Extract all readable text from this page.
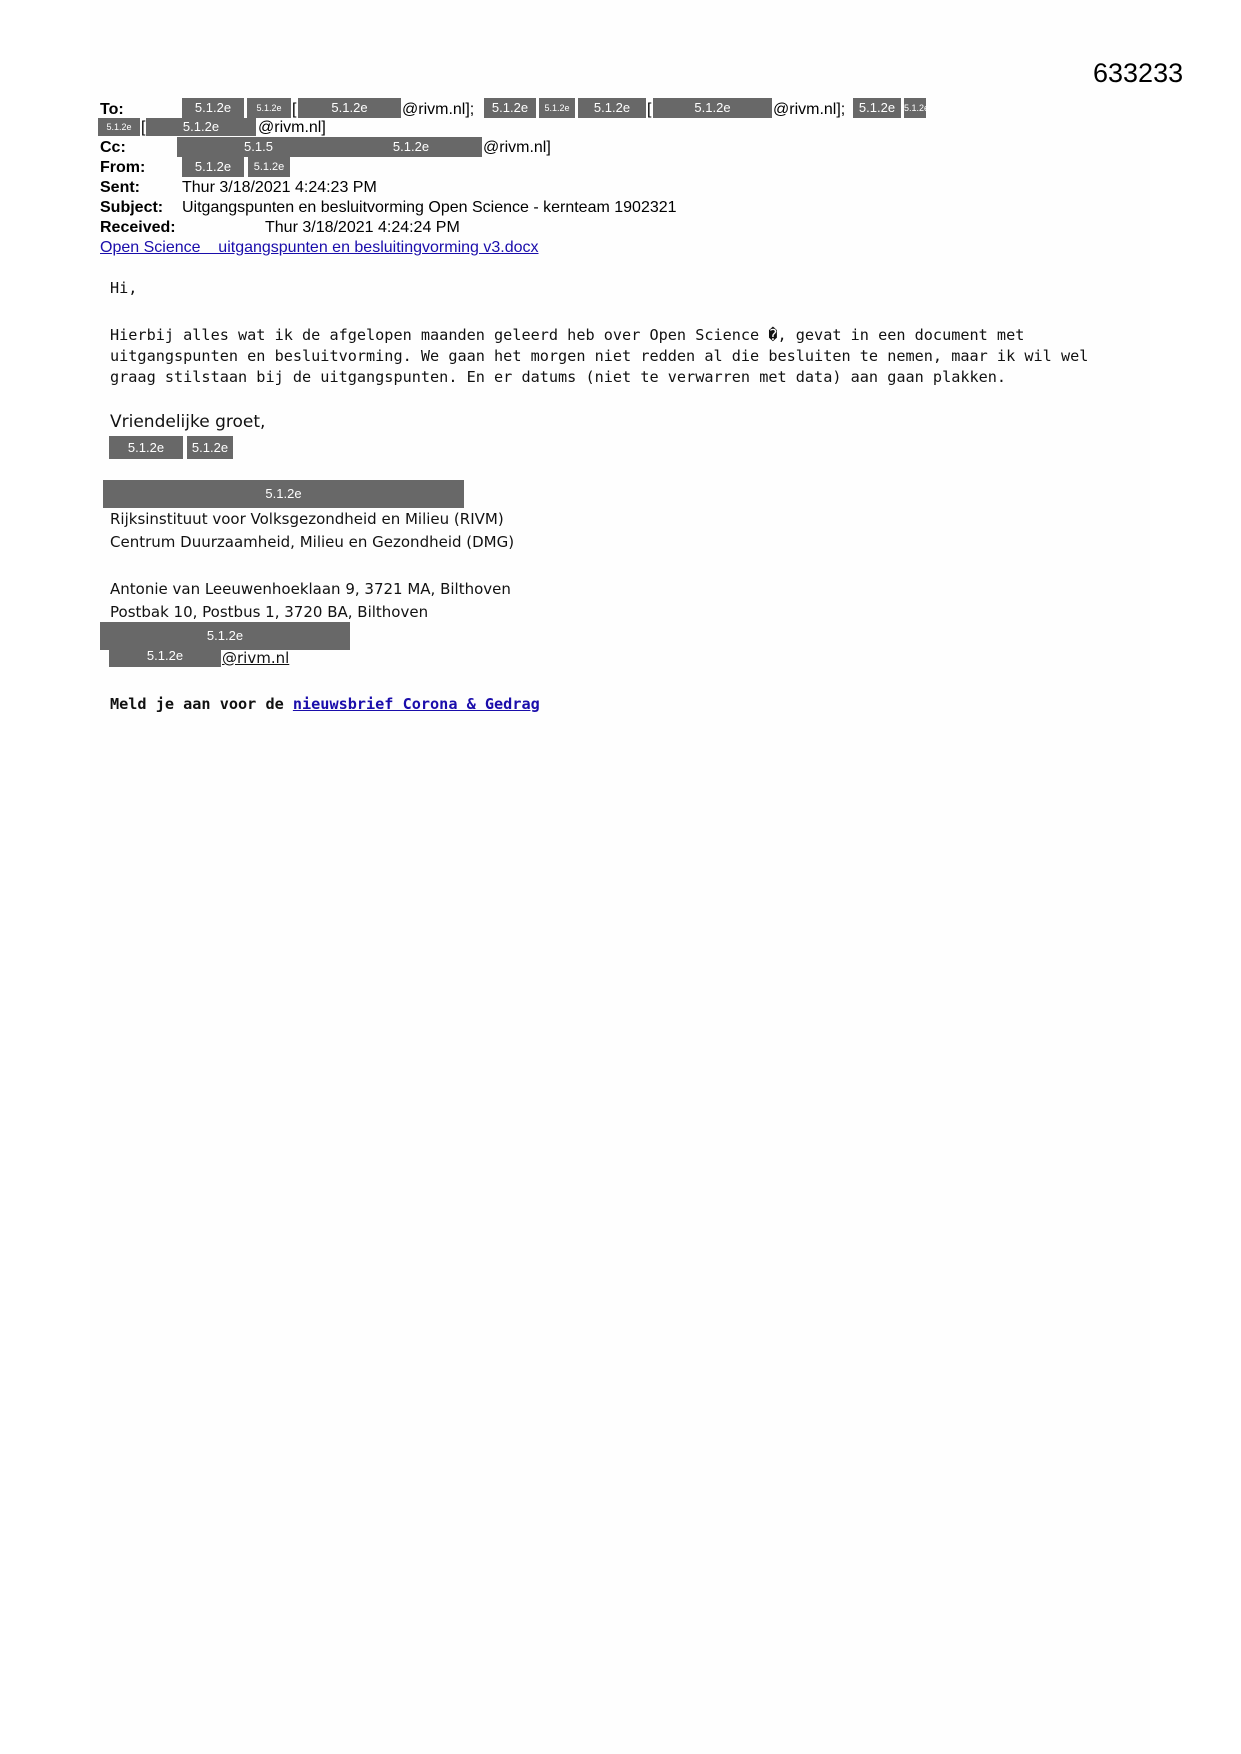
633233
To:	5.1.2e	5.1.2e [	5.1.2e	@rivm.nl];	5.1.2e	5.1.2e	5.1.2e	[	5.1.2e	@rivm.nl];	5.1.2e 5.1.2e
5.1.2e [	5.1.2e	@rivm.nl]
Cc:	5.1.5	5.1.2e	@rivm.nl]
From:	5.1.2e	5.1.2e
Sent:	Thur 3/18/2021 4:24:23 PM
Subject: Uitgangspunten en besluitvorming Open Science - kernteam 1902321
Received:	Thur 3/18/2021 4:24:24 PM
Open Science    uitgangspunten en besluitingvorming v3.docx
Hi,
Hierbij alles wat ik de afgelopen maanden geleerd heb over Open Science �, gevat in een document met
uitgangspunten en besluitvorming. We gaan het morgen niet redden al die besluiten te nemen, maar ik wil wel
graag stilstaan bij de uitgangspunten. En er datums (niet te verwarren met data) aan gaan plakken.
Vriendelijke groet,
5.1.2e	5.1.2e
5.1.2e
Rijksinstituut voor Volksgezondheid en Milieu (RIVM)
Centrum Duurzaamheid, Milieu en Gezondheid (DMG)
Antonie van Leeuwenhoeklaan 9, 3721 MA, Bilthoven
Postbak 10, Postbus 1, 3720 BA, Bilthoven
5.1.2e
5.1.2e	@rivm.nl
Meld je aan voor de nieuwsbrief Corona & Gedrag
